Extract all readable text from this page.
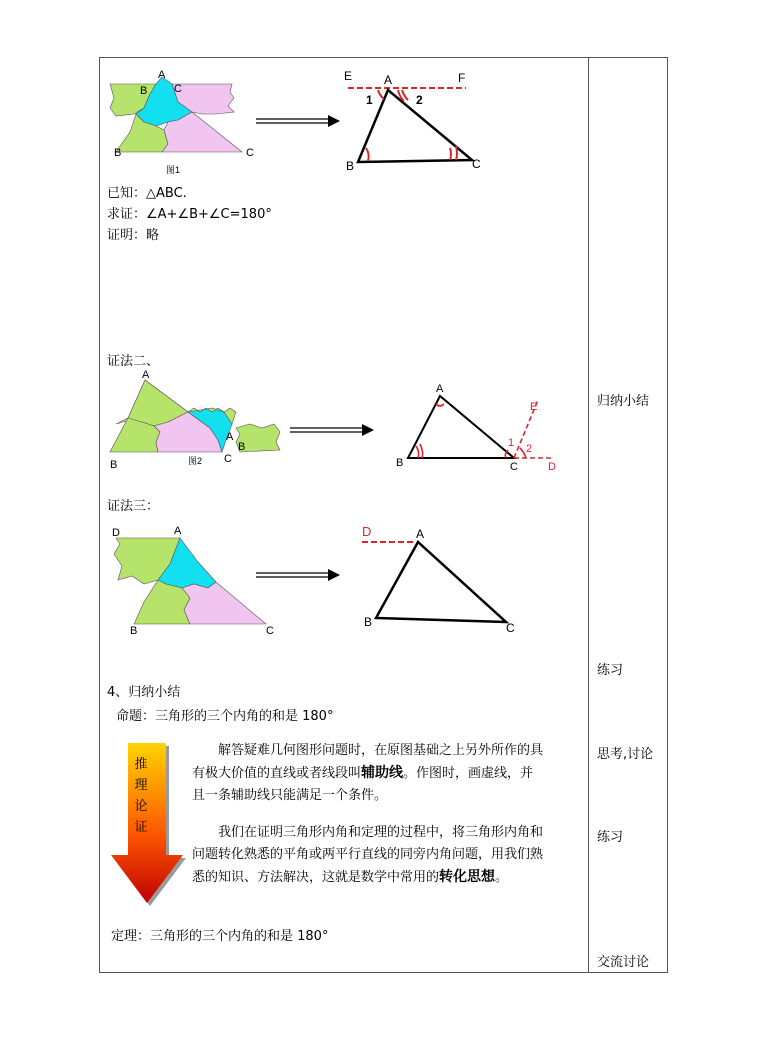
A
B C
B	C
图1
E	A	F
B	C
1	2
已知：△ABC.
求证：∠A+∠B+∠C=180°
证明：略
证法二、
A
A
B
B	C
图2
A
B	C
E
D
1 2
证法三：
D	A
B	C
D	A
B	C
4、归纳小结
命题：三角形的三个内角的和是 180°
推
理
论
证
解答疑难几何图形问题时，在原图基础之上另外所作的具有极大价值的直线或者线段叫辅助线。作图时，画虚线，并且一条辅助线只能满足一个条件。
我们在证明三角形内角和定理的过程中，将三角形内角和问题转化熟悉的平角或两平行直线的同旁内角问题，用我们熟悉的知识、方法解决，这就是数学中常用的转化思想。
定理：三角形的三个内角的和是 180°
归纳小结
练习
思考,讨论
练习
交流讨论
